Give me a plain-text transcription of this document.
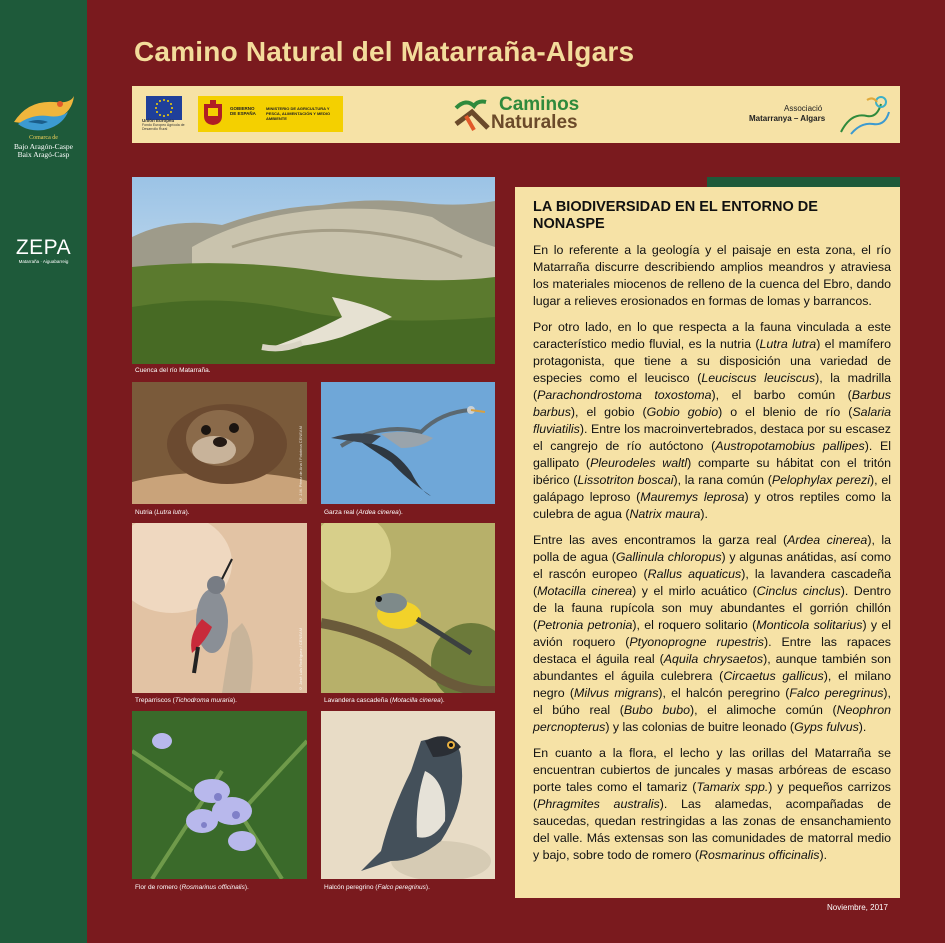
Comarca de
Bajo Aragón-Caspe
Baix Aragó-Casp
ZEPA
Matarraña · Aiguabarreig
Camino Natural del Matarraña-Algars
Unión Europea
Fondo Europeo Agrícola de Desarrollo Rural
GOBIERNO
DE ESPAÑA
MINISTERIO DE AGRICULTURA Y PESCA, ALIMENTACIÓN Y MEDIO AMBIENTE
Caminos
Naturales
Associació
Matarranya – Algars
Cuenca del río Matarraña.
© J.M. Pérez de Ana / Fototeca CENEAM
Nutria (Lutra lutra).	Garza real (Ardea cinerea).
© José Luis Rodríguez / CENEAM
Treparriscos (Tichodroma muraria).	Lavandera cascadeña (Motacilla cinerea).
Flor de romero (Rosmarinus officinalis).	Halcón peregrino (Falco peregrinus).
LA BIODIVERSIDAD EN EL ENTORNO DE NONASPE

En lo referente a la geología y el paisaje en esta zona, el río Matarraña discurre describiendo amplios meandros y atraviesa los materiales miocenos de relleno de la cuenca del Ebro, dando lugar a relieves erosionados en formas de lomas y barrancos.

Por otro lado, en lo que respecta a la fauna vinculada a este característico medio fluvial, es la nutria (Lutra lutra) el mamífero protagonista, que tiene a su disposición una variedad de especies como el leucisco (Leuciscus leuciscus), la madrilla (Parachondrostoma toxostoma), el barbo común (Barbus barbus), el gobio (Gobio gobio) o el blenio de río (Salaria fluviatilis). Entre los macroinvertebrados, destaca por su escasez el cangrejo de río autóctono (Austropotamobius pallipes). El gallipato (Pleurodeles waltl) comparte su hábitat con el tritón ibérico (Lissotriton boscai), la rana común (Pelophylax perezi), el galápago leproso (Mauremys leprosa) y otros reptiles como la culebra de agua (Natrix maura).

Entre las aves encontramos la garza real (Ardea cinerea), la polla de agua (Gallinula chloropus) y algunas anátidas, así como el rascón europeo (Rallus aquaticus), la lavandera cascadeña (Motacilla cinerea) y el mirlo acuático (Cinclus cinclus). Dentro de la fauna rupícola son muy abundantes el gorrión chillón (Petronia petronia), el roquero solitario (Monticola solitarius) y el avión roquero (Ptyonoprogne rupestris). Entre las rapaces destaca el águila real (Aquila chrysaetos), aunque también son abundantes el águila culebrera (Circaetus gallicus), el milano negro (Milvus migrans), el halcón peregrino (Falco peregrinus), el búho real (Bubo bubo), el alimoche común (Neophron percnopterus) y las colonias de buitre leonado (Gyps fulvus).

En cuanto a la flora, el lecho y las orillas del Matarraña se encuentran cubiertos de juncales y masas arbóreas de escaso porte tales como el tamariz (Tamarix spp.) y pequeños carrizos (Phragmites australis). Las alamedas, acompañadas de saucedas, quedan restringidas a las zonas de ensanchamiento del valle. Más extensas son las comunidades de matorral medio y bajo, sobre todo de romero (Rosmarinus officinalis).

Noviembre, 2017
